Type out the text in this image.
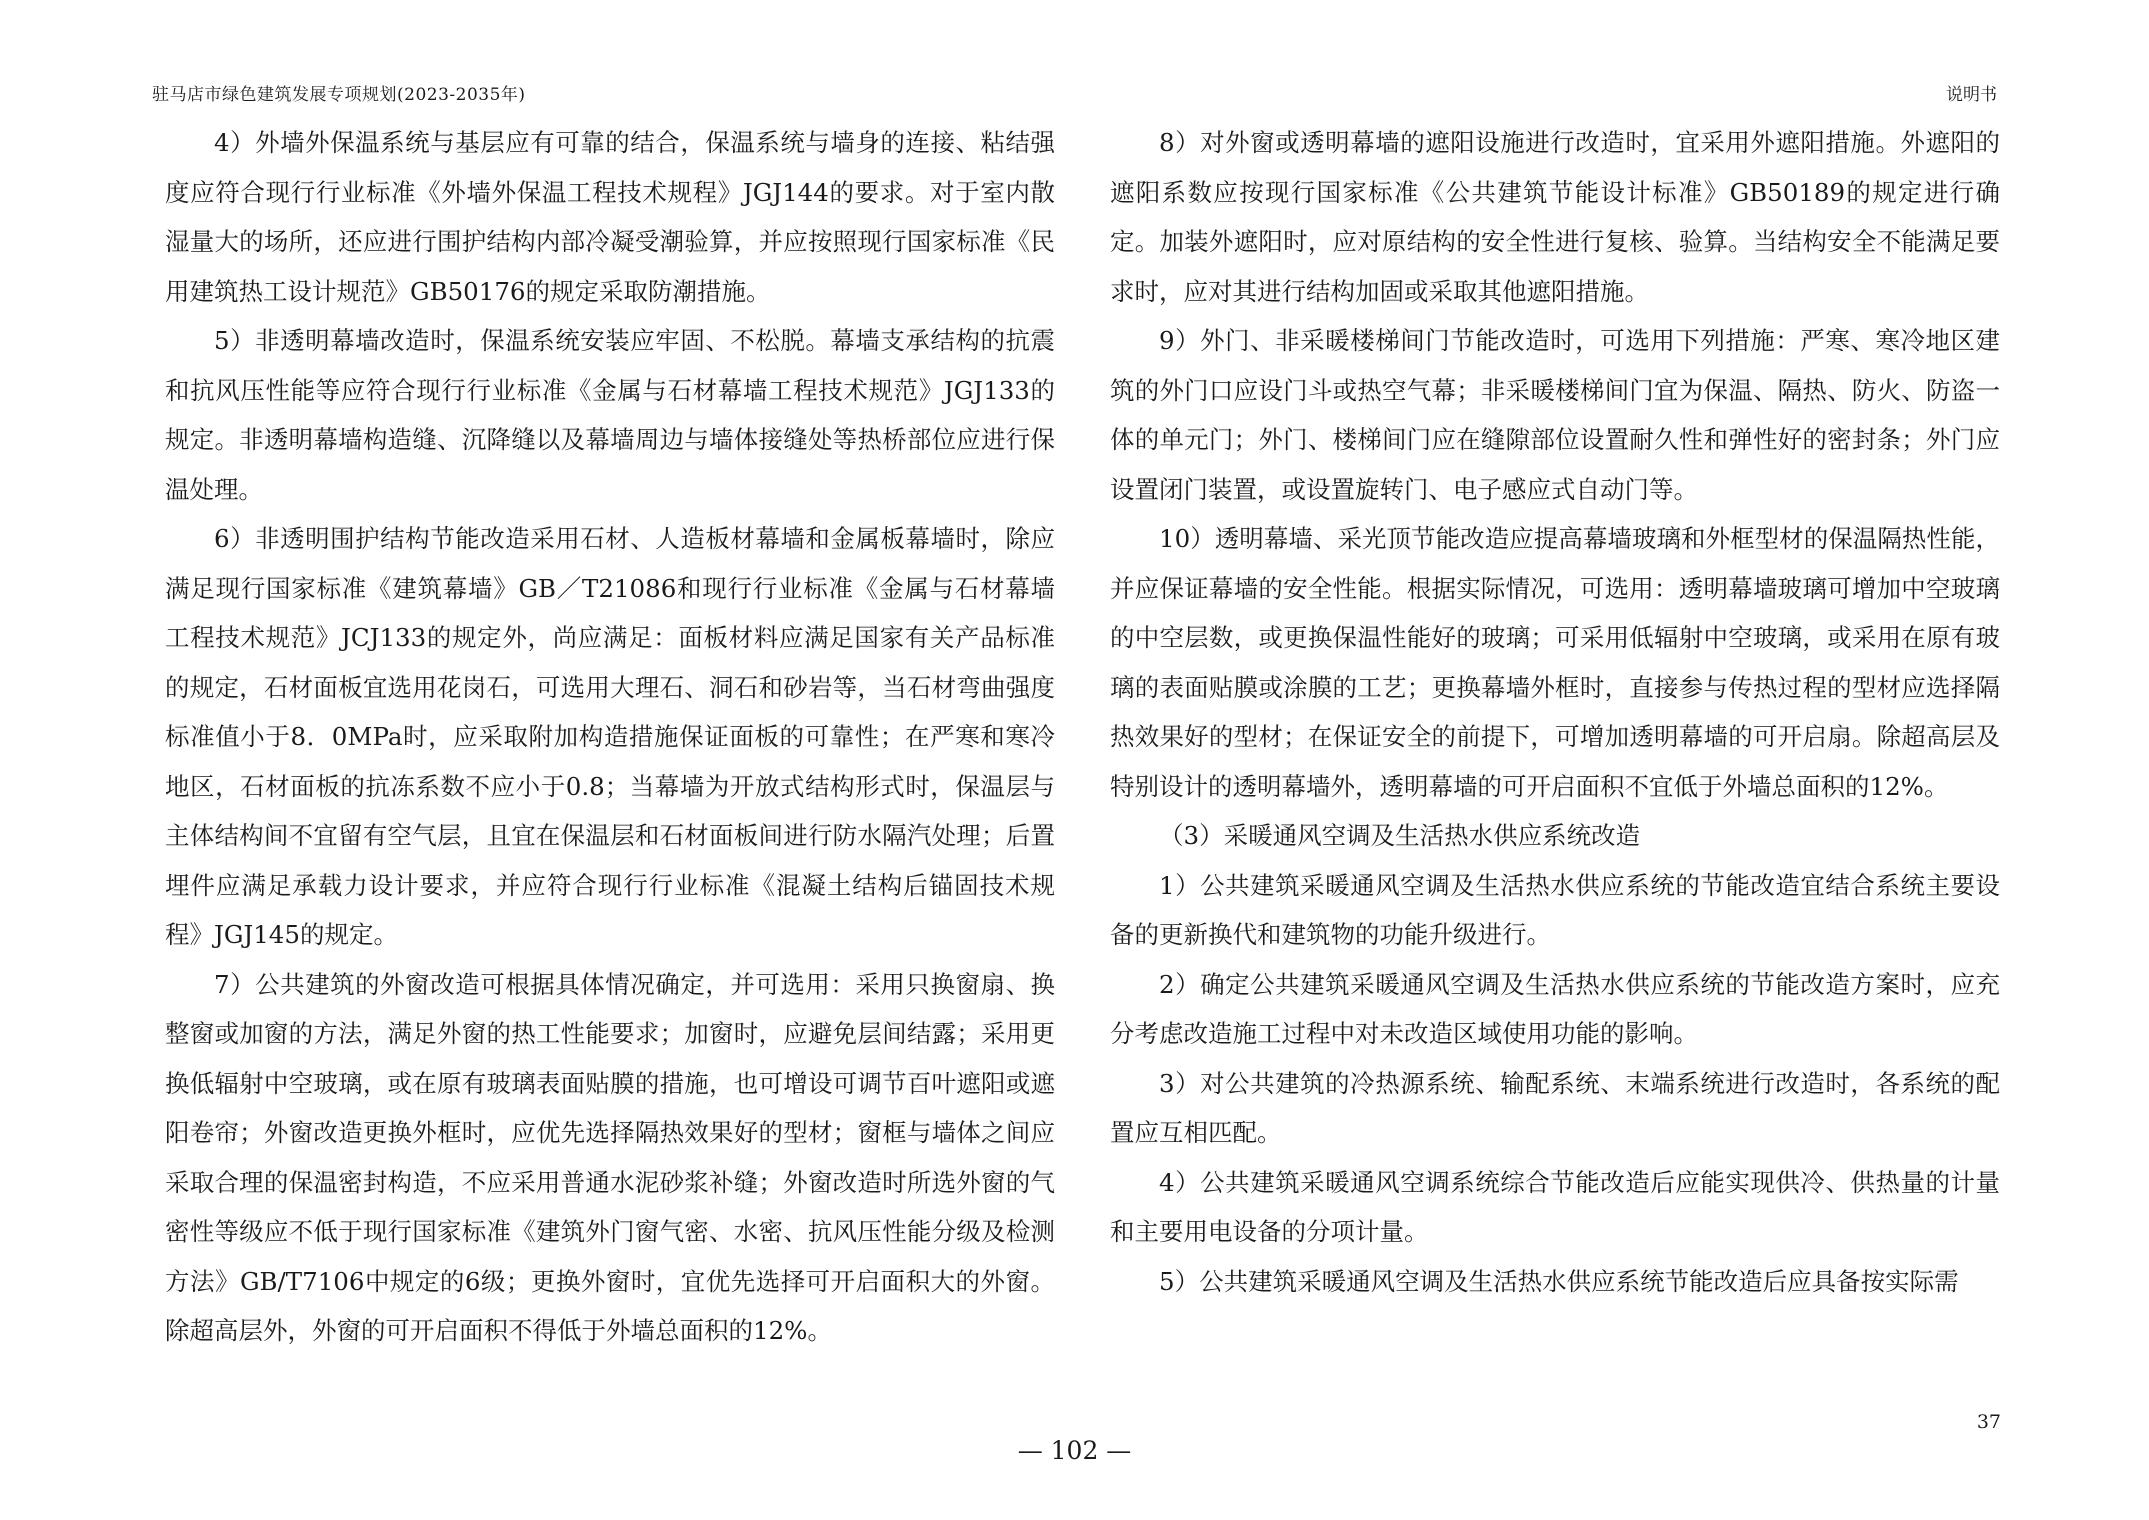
驻马店市绿色建筑发展专项规划(2023-2035年)	说明书

4）外墙外保温系统与基层应有可靠的结合，保温系统与墙身的连接、粘结强度应符合现行行业标准《外墙外保温工程技术规程》JGJ144的要求。对于室内散湿量大的场所，还应进行围护结构内部冷凝受潮验算，并应按照现行国家标准《民用建筑热工设计规范》GB50176的规定采取防潮措施。

5）非透明幕墙改造时，保温系统安装应牢固、不松脱。幕墙支承结构的抗震和抗风压性能等应符合现行行业标准《金属与石材幕墙工程技术规范》JGJ133的规定。非透明幕墙构造缝、沉降缝以及幕墙周边与墙体接缝处等热桥部位应进行保温处理。

6）非透明围护结构节能改造采用石材、人造板材幕墙和金属板幕墙时，除应满足现行国家标准《建筑幕墙》GB／T21086和现行行业标准《金属与石材幕墙工程技术规范》JCJ133的规定外，尚应满足：面板材料应满足国家有关产品标准的规定，石材面板宜选用花岗石，可选用大理石、洞石和砂岩等，当石材弯曲强度标准值小于8．0MPa时，应采取附加构造措施保证面板的可靠性；在严寒和寒冷地区，石材面板的抗冻系数不应小于0.8；当幕墙为开放式结构形式时，保温层与主体结构间不宜留有空气层，且宜在保温层和石材面板间进行防水隔汽处理；后置埋件应满足承载力设计要求，并应符合现行行业标准《混凝土结构后锚固技术规程》JGJ145的规定。

7）公共建筑的外窗改造可根据具体情况确定，并可选用：采用只换窗扇、换整窗或加窗的方法，满足外窗的热工性能要求；加窗时，应避免层间结露；采用更换低辐射中空玻璃，或在原有玻璃表面贴膜的措施，也可增设可调节百叶遮阳或遮阳卷帘；外窗改造更换外框时，应优先选择隔热效果好的型材；窗框与墙体之间应采取合理的保温密封构造，不应采用普通水泥砂浆补缝；外窗改造时所选外窗的气密性等级应不低于现行国家标准《建筑外门窗气密、水密、抗风压性能分级及检测方法》GB/T7106中规定的6级；更换外窗时，宜优先选择可开启面积大的外窗。除超高层外，外窗的可开启面积不得低于外墙总面积的12%。

8）对外窗或透明幕墙的遮阳设施进行改造时，宜采用外遮阳措施。外遮阳的遮阳系数应按现行国家标准《公共建筑节能设计标准》GB50189的规定进行确定。加装外遮阳时，应对原结构的安全性进行复核、验算。当结构安全不能满足要求时，应对其进行结构加固或采取其他遮阳措施。

9）外门、非采暖楼梯间门节能改造时，可选用下列措施：严寒、寒冷地区建筑的外门口应设门斗或热空气幕；非采暖楼梯间门宜为保温、隔热、防火、防盗一体的单元门；外门、楼梯间门应在缝隙部位设置耐久性和弹性好的密封条；外门应设置闭门装置，或设置旋转门、电子感应式自动门等。

10）透明幕墙、采光顶节能改造应提高幕墙玻璃和外框型材的保温隔热性能，并应保证幕墙的安全性能。根据实际情况，可选用：透明幕墙玻璃可增加中空玻璃的中空层数，或更换保温性能好的玻璃；可采用低辐射中空玻璃，或采用在原有玻璃的表面贴膜或涂膜的工艺；更换幕墙外框时，直接参与传热过程的型材应选择隔热效果好的型材；在保证安全的前提下，可增加透明幕墙的可开启扇。除超高层及特别设计的透明幕墙外，透明幕墙的可开启面积不宜低于外墙总面积的12%。

（3）采暖通风空调及生活热水供应系统改造

1）公共建筑采暖通风空调及生活热水供应系统的节能改造宜结合系统主要设备的更新换代和建筑物的功能升级进行。

2）确定公共建筑采暖通风空调及生活热水供应系统的节能改造方案时，应充分考虑改造施工过程中对未改造区域使用功能的影响。

3）对公共建筑的冷热源系统、输配系统、末端系统进行改造时，各系统的配置应互相匹配。

4）公共建筑采暖通风空调系统综合节能改造后应能实现供冷、供热量的计量和主要用电设备的分项计量。

5）公共建筑采暖通风空调及生活热水供应系统节能改造后应具备按实际需

37
— 102 —
